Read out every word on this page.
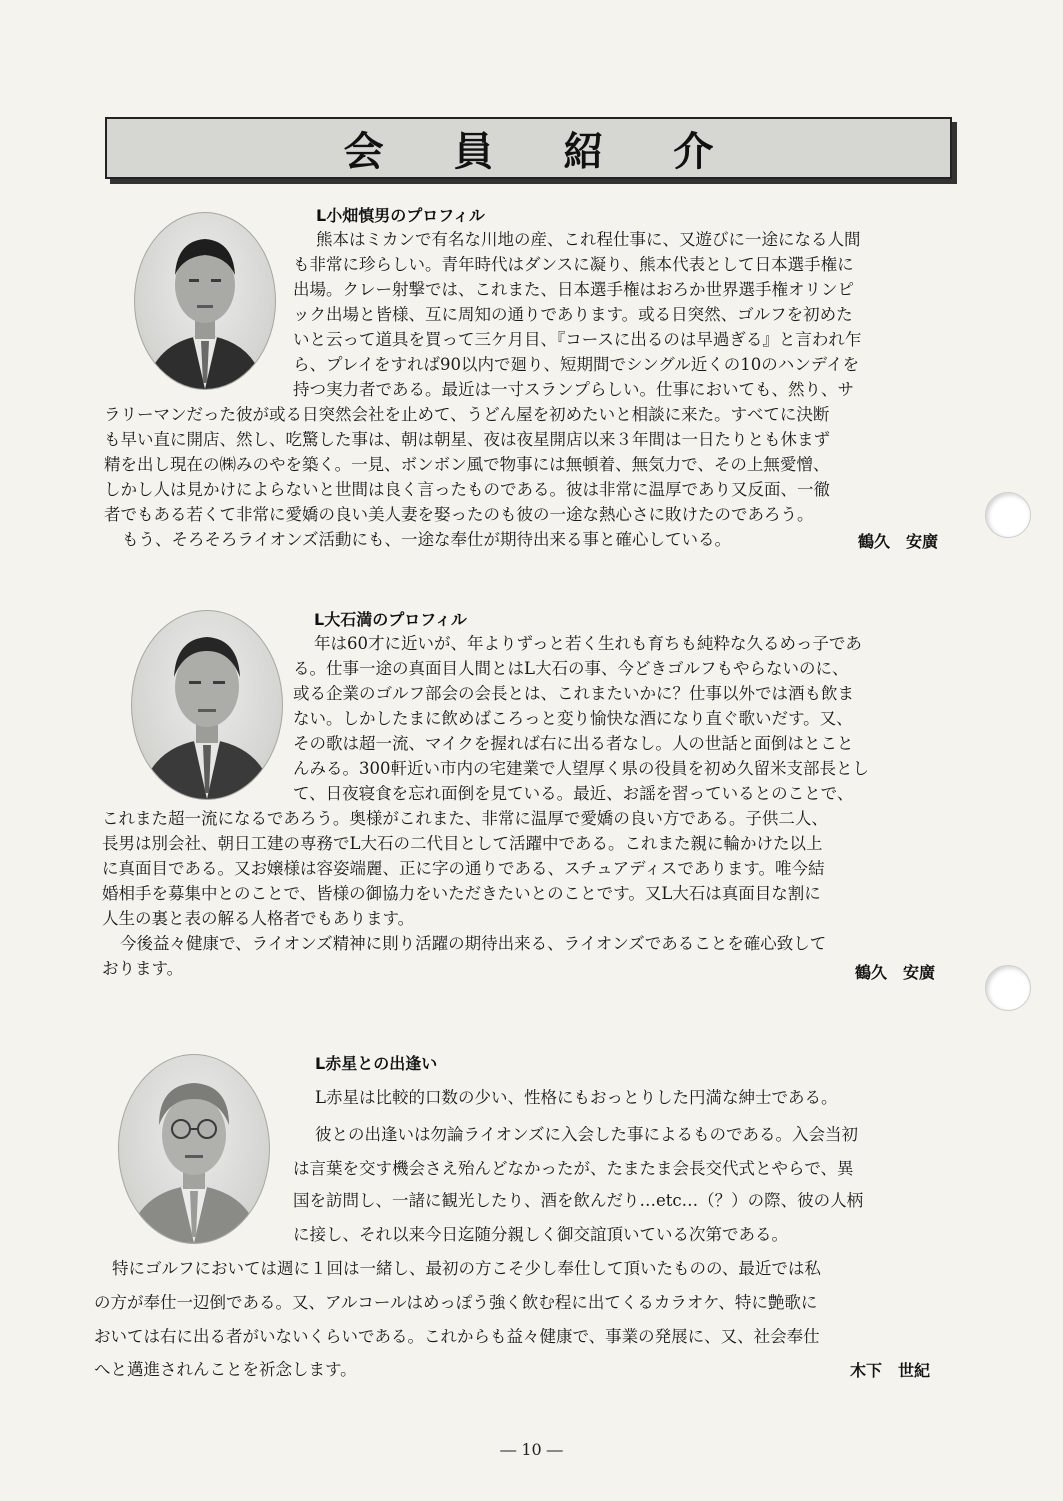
会 員 紹 介
L小畑慎男のプロフィル
熊本はミカンで有名な川地の産、これ程仕事に、又遊びに一途になる人間
も非常に珍らしい。青年時代はダンスに凝り、熊本代表として日本選手権に
出場。クレー射撃では、これまた、日本選手権はおろか世界選手権オリンピ
ック出場と皆様、互に周知の通りであります。或る日突然、ゴルフを初めた
いと云って道具を買って三ケ月目、『コースに出るのは早過ぎる』と言われ乍
ら、プレイをすれば90以内で廻り、短期間でシングル近くの10のハンデイを
持つ実力者である。最近は一寸スランプらしい。仕事においても、然り、サ
ラリーマンだった彼が或る日突然会社を止めて、うどん屋を初めたいと相談に来た。すべてに決断
も早い直に開店、然し、吃驚した事は、朝は朝星、夜は夜星開店以来３年間は一日たりとも休まず
精を出し現在の㈱みのやを築く。一見、ボンボン風で物事には無頓着、無気力で、その上無愛憎、
しかし人は見かけによらないと世間は良く言ったものである。彼は非常に温厚であり又反面、一徹
者でもある若くて非常に愛嬌の良い美人妻を娶ったのも彼の一途な熱心さに敗けたのであろう。
もう、そろそろライオンズ活動にも、一途な奉仕が期待出来る事と確心している。	鶴久　安廣
L大石満のプロフィル
年は60才に近いが、年よりずっと若く生れも育ちも純粋な久るめっ子であ
る。仕事一途の真面目人間とはL大石の事、今どきゴルフもやらないのに、
或る企業のゴルフ部会の会長とは、これまたいかに？仕事以外では酒も飲ま
ない。しかしたまに飲めばころっと変り愉快な酒になり直ぐ歌いだす。又、
その歌は超一流、マイクを握れば右に出る者なし。人の世話と面倒はとこと
んみる。300軒近い市内の宅建業で人望厚く県の役員を初め久留米支部長とし
て、日夜寝食を忘れ面倒を見ている。最近、お謡を習っているとのことで、
これまた超一流になるであろう。奥様がこれまた、非常に温厚で愛嬌の良い方である。子供二人、
長男は別会社、朝日工建の専務でL大石の二代目として活躍中である。これまた親に輪かけた以上
に真面目である。又お嬢様は容姿端麗、正に字の通りである、スチュアディスであります。唯今結
婚相手を募集中とのことで、皆様の御協力をいただきたいとのことです。又L大石は真面目な割に
人生の裏と表の解る人格者でもあります。
今後益々健康で、ライオンズ精神に則り活躍の期待出来る、ライオンズであることを確心致して
おります。	鶴久　安廣
L赤星との出逢い
L赤星は比較的口数の少い、性格にもおっとりした円満な紳士である。
彼との出逢いは勿論ライオンズに入会した事によるものである。入会当初
は言葉を交す機会さえ殆んどなかったが、たまたま会長交代式とやらで、異
国を訪問し、一諸に観光したり、酒を飲んだり…etc…（？）の際、彼の人柄
に接し、それ以来今日迄随分親しく御交誼頂いている次第である。
特にゴルフにおいては週に１回は一緒し、最初の方こそ少し奉仕して頂いたものの、最近では私
の方が奉仕一辺倒である。又、アルコールはめっぽう強く飲む程に出てくるカラオケ、特に艶歌に
おいては右に出る者がいないくらいである。これからも益々健康で、事業の発展に、又、社会奉仕
へと邁進されんことを祈念します。	木下　世紀
― 10 ―
